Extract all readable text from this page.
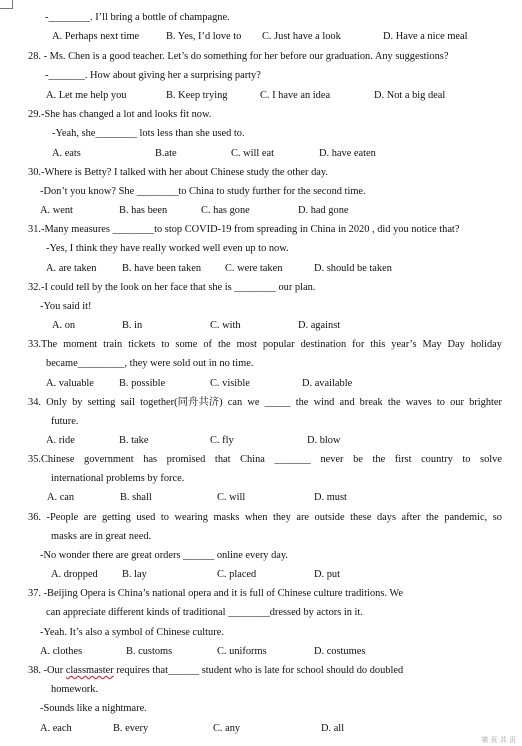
-________. I’ll bring a bottle of champagne.
A. Perhaps next time	B. Yes, I’d love to C. Just have a look	D. Have a nice meal
28. - Ms. Chen is a good teacher. Let’s do something for her before our graduation. Any suggestions?
-_______. How about giving her a surprising party?
A. Let me help you	B. Keep trying	C. I have an idea	D. Not a big deal
29.-She has changed a lot and looks fit now.
-Yeah, she________ lots less than she used to.
A. eats	B.ate	C. will eat	D. have eaten
30.-Where is Betty? I talked with her about Chinese study the other day.
-Don’t you know? She ________to China to study further for the second time.
A. went	B. has been	C. has gone	D. had gone
31.-Many measures ________to stop COVID-19 from spreading in China in 2020 , did you notice that?
-Yes, I think they have really worked well even up to now.
A. are taken B. have been taken C. were taken	D. should be taken
32.-I could tell by the look on her face that she is ________ our plan.
-You said it!
A. on	B. in	C. with	D. against
33.The moment train tickets to some of the most popular destination for this year’s May Day holiday
became_________, they were sold out in no time.
A. valuable B. possible	C. visible	D. available
34. Only by setting sail together(同舟共济) can we _____ the wind and break the waves to our brighter
future.
A. ride	B. take	C. fly	D. blow
35.Chinese government has promised that China _______ never be the first country to solve
international problems by force.
A. can	B. shall	C. will	D. must
36. -People are getting used to wearing masks when they are outside these days after the pandemic, so
masks are in great need.
-No wonder there are great orders ______ online every day.
A. dropped B. lay	C. placed	D. put
37. -Beijing Opera is China’s national opera and it is full of Chinese culture traditions. We
can appreciate different kinds of traditional ________dressed by actors in it.
-Yeah. It’s also a symbol of Chinese culture.
A. clothes	B. customs	C. uniforms	D. costumes
38. -Our classmaster requires that______ student who is late for school should do doubled
homework.
-Sounds like a nightmare.
A. each	B. every	C. any	D. all
第 页 共 页
